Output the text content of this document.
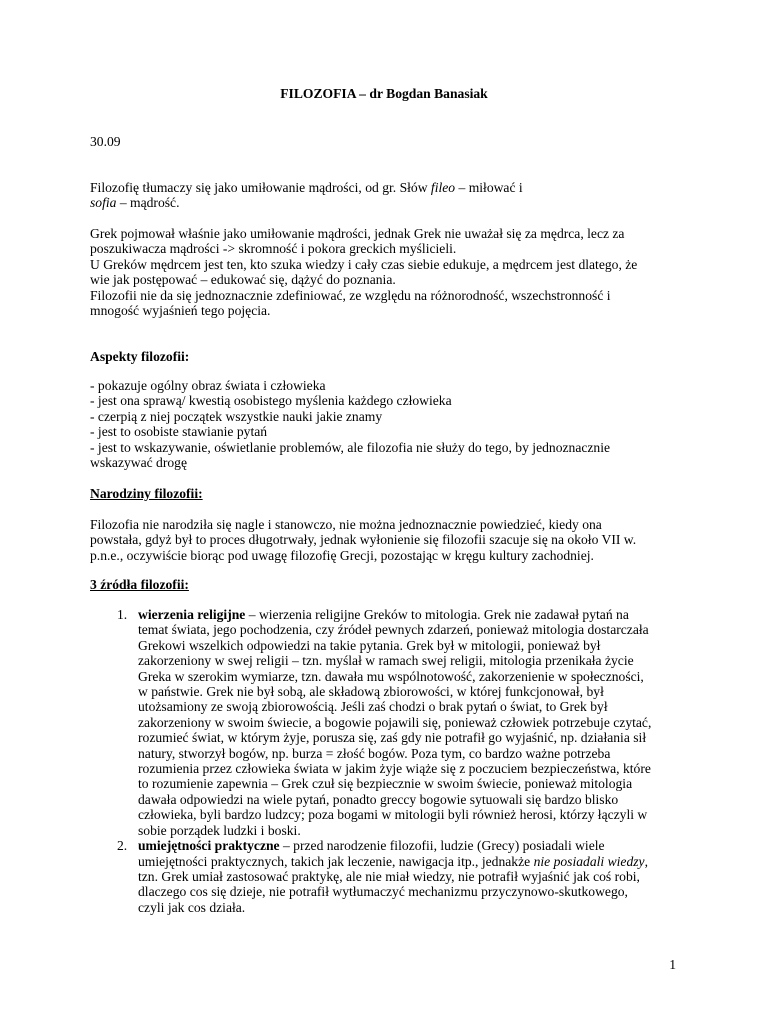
FILOZOFIA – dr Bogdan Banasiak

30.09

Filozofię tłumaczy się jako umiłowanie mądrości, od gr. Słów fileo – miłować i
sofia – mądrość.

Grek pojmował właśnie jako umiłowanie mądrości, jednak Grek nie uważał się za mędrca, lecz za
poszukiwacza mądrości -> skromność i pokora greckich myślicieli.
U Greków mędrcem jest ten, kto szuka wiedzy i cały czas siebie edukuje, a mędrcem jest dlatego, że
wie jak postępować – edukować się, dążyć do poznania.
Filozofii nie da się jednoznacznie zdefiniować, ze względu na różnorodność, wszechstronność i
mnogość wyjaśnień tego pojęcia.

Aspekty filozofii:

- pokazuje ogólny obraz świata i człowieka
- jest ona sprawą/ kwestią osobistego myślenia każdego człowieka
- czerpią z niej początek wszystkie nauki jakie znamy
- jest to osobiste stawianie pytań
- jest to wskazywanie, oświetlanie problemów, ale filozofia nie służy do tego, by jednoznacznie
wskazywać drogę

Narodziny filozofii:

Filozofia nie narodziła się nagle i stanowczo, nie można jednoznacznie powiedzieć, kiedy ona
powstała, gdyż był to proces długotrwały, jednak wyłonienie się filozofii szacuje się na około VII w.
p.n.e., oczywiście biorąc pod uwagę filozofię Grecji, pozostając w kręgu kultury zachodniej.

3 źródła filozofii:

1. wierzenia religijne – wierzenia religijne Greków to mitologia. Grek nie zadawał pytań na
temat świata, jego pochodzenia, czy źródeł pewnych zdarzeń, ponieważ mitologia dostarczała
Grekowi wszelkich odpowiedzi na takie pytania. Grek był w mitologii, ponieważ był
zakorzeniony w swej religii – tzn. myślał w ramach swej religii, mitologia przenikała życie
Greka w szerokim wymiarze, tzn. dawała mu wspólnotowość, zakorzenienie w społeczności,
w państwie. Grek nie był sobą, ale składową zbiorowości, w której funkcjonował, był
utożsamiony ze swoją zbiorowością. Jeśli zaś chodzi o brak pytań o świat, to Grek był
zakorzeniony w swoim świecie, a bogowie pojawili się, ponieważ człowiek potrzebuje czytać,
rozumieć świat, w którym żyje, porusza się, zaś gdy nie potrafił go wyjaśnić, np. działania sił
natury, stworzył bogów, np. burza = złość bogów. Poza tym, co bardzo ważne potrzeba
rozumienia przez człowieka świata w jakim żyje wiąże się z poczuciem bezpieczeństwa, które
to rozumienie zapewnia – Grek czuł się bezpiecznie w swoim świecie, ponieważ mitologia
dawała odpowiedzi na wiele pytań, ponadto greccy bogowie sytuowali się bardzo blisko
człowieka, byli bardzo ludzcy; poza bogami w mitologii byli również herosi, którzy łączyli w
sobie porządek ludzki i boski.
2. umiejętności praktyczne – przed narodzenie filozofii, ludzie (Grecy) posiadali wiele
umiejętności praktycznych, takich jak leczenie, nawigacja itp., jednakże nie posiadali wiedzy,
tzn. Grek umiał zastosować praktykę, ale nie miał wiedzy, nie potrafił wyjaśnić jak coś robi,
dlaczego cos się dzieje, nie potrafił wytłumaczyć mechanizmu przyczynowo-skutkowego,
czyli jak cos działa.
1
